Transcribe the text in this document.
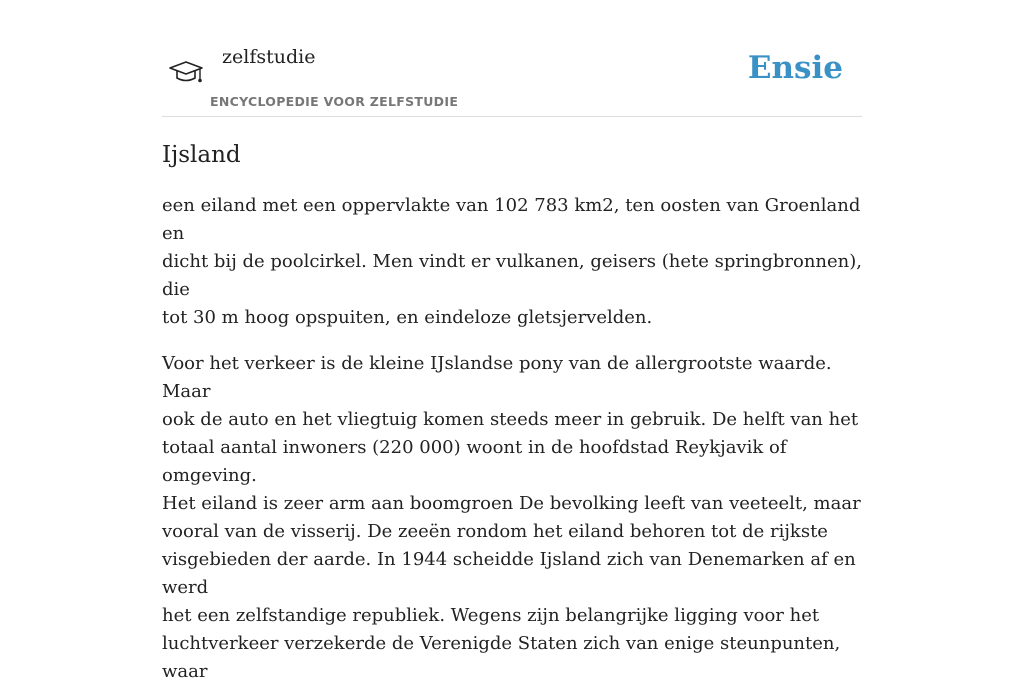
zelfstudie
ENCYCLOPEDIE VOOR ZELFSTUDIE
Ensie
Ijsland

een eiland met een oppervlakte van 102 783 km2, ten oosten van Groenland en
dicht bij de poolcirkel. Men vindt er vulkanen, geisers (hete springbronnen), die
tot 30 m hoog opspuiten, en eindeloze gletsjervelden.

Voor het verkeer is de kleine IJslandse pony van de allergrootste waarde. Maar
ook de auto en het vliegtuig komen steeds meer in gebruik. De helft van het
totaal aantal inwoners (220 000) woont in de hoofdstad Reykjavik of omgeving.
Het eiland is zeer arm aan boomgroen De bevolking leeft van veeteelt, maar
vooral van de visserij. De zeeën rondom het eiland behoren tot de rijkste
visgebieden der aarde. In 1944 scheidde Ijsland zich van Denemarken af en werd
het een zelfstandige republiek. Wegens zijn belangrijke ligging voor het
luchtverkeer verzekerde de Verenigde Staten zich van enige steunpunten, waar
